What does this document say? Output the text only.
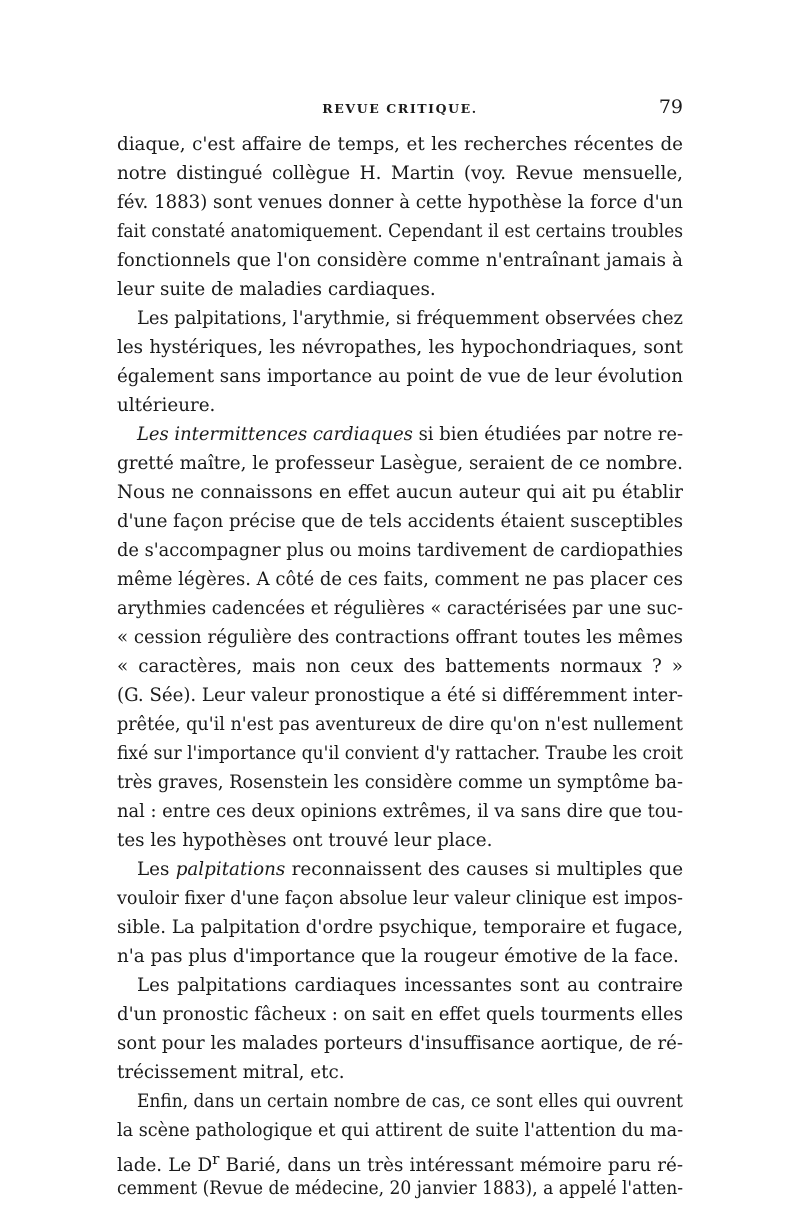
REVUE CRITIQUE.	79
diaque, c'est affaire de temps, et les recherches récentes de
notre distingué collègue H. Martin (voy. Revue mensuelle,
fév. 1883) sont venues donner à cette hypothèse la force d'un
fait constaté anatomiquement. Cependant il est certains troubles
fonctionnels que l'on considère comme n'entraînant jamais à
leur suite de maladies cardiaques.
Les palpitations, l'arythmie, si fréquemment observées chez
les hystériques, les névropathes, les hypochondriaques, sont
également sans importance au point de vue de leur évolution
ultérieure.
Les intermittences cardiaques si bien étudiées par notre re-
gretté maître, le professeur Lasègue, seraient de ce nombre.
Nous ne connaissons en effet aucun auteur qui ait pu établir
d'une façon précise que de tels accidents étaient susceptibles
de s'accompagner plus ou moins tardivement de cardiopathies
même légères. A côté de ces faits, comment ne pas placer ces
arythmies cadencées et régulières « caractérisées par une suc-
« cession régulière des contractions offrant toutes les mêmes
« caractères, mais non ceux des battements normaux ? »
(G. Sée). Leur valeur pronostique a été si différemment inter-
prêtée, qu'il n'est pas aventureux de dire qu'on n'est nullement
fixé sur l'importance qu'il convient d'y rattacher. Traube les croit
très graves, Rosenstein les considère comme un symptôme ba-
nal : entre ces deux opinions extrêmes, il va sans dire que tou-
tes les hypothèses ont trouvé leur place.
Les palpitations reconnaissent des causes si multiples que
vouloir fixer d'une façon absolue leur valeur clinique est impos-
sible. La palpitation d'ordre psychique, temporaire et fugace,
n'a pas plus d'importance que la rougeur émotive de la face.
Les palpitations cardiaques incessantes sont au contraire
d'un pronostic fâcheux : on sait en effet quels tourments elles
sont pour les malades porteurs d'insuffisance aortique, de ré-
trécissement mitral, etc.
Enfin, dans un certain nombre de cas, ce sont elles qui ouvrent
la scène pathologique et qui attirent de suite l'attention du ma-
lade. Le $D^r$ Barié, dans un très intéressant mémoire paru ré-
cemment (Revue de médecine, 20 janvier 1883), a appelé l'atten-
